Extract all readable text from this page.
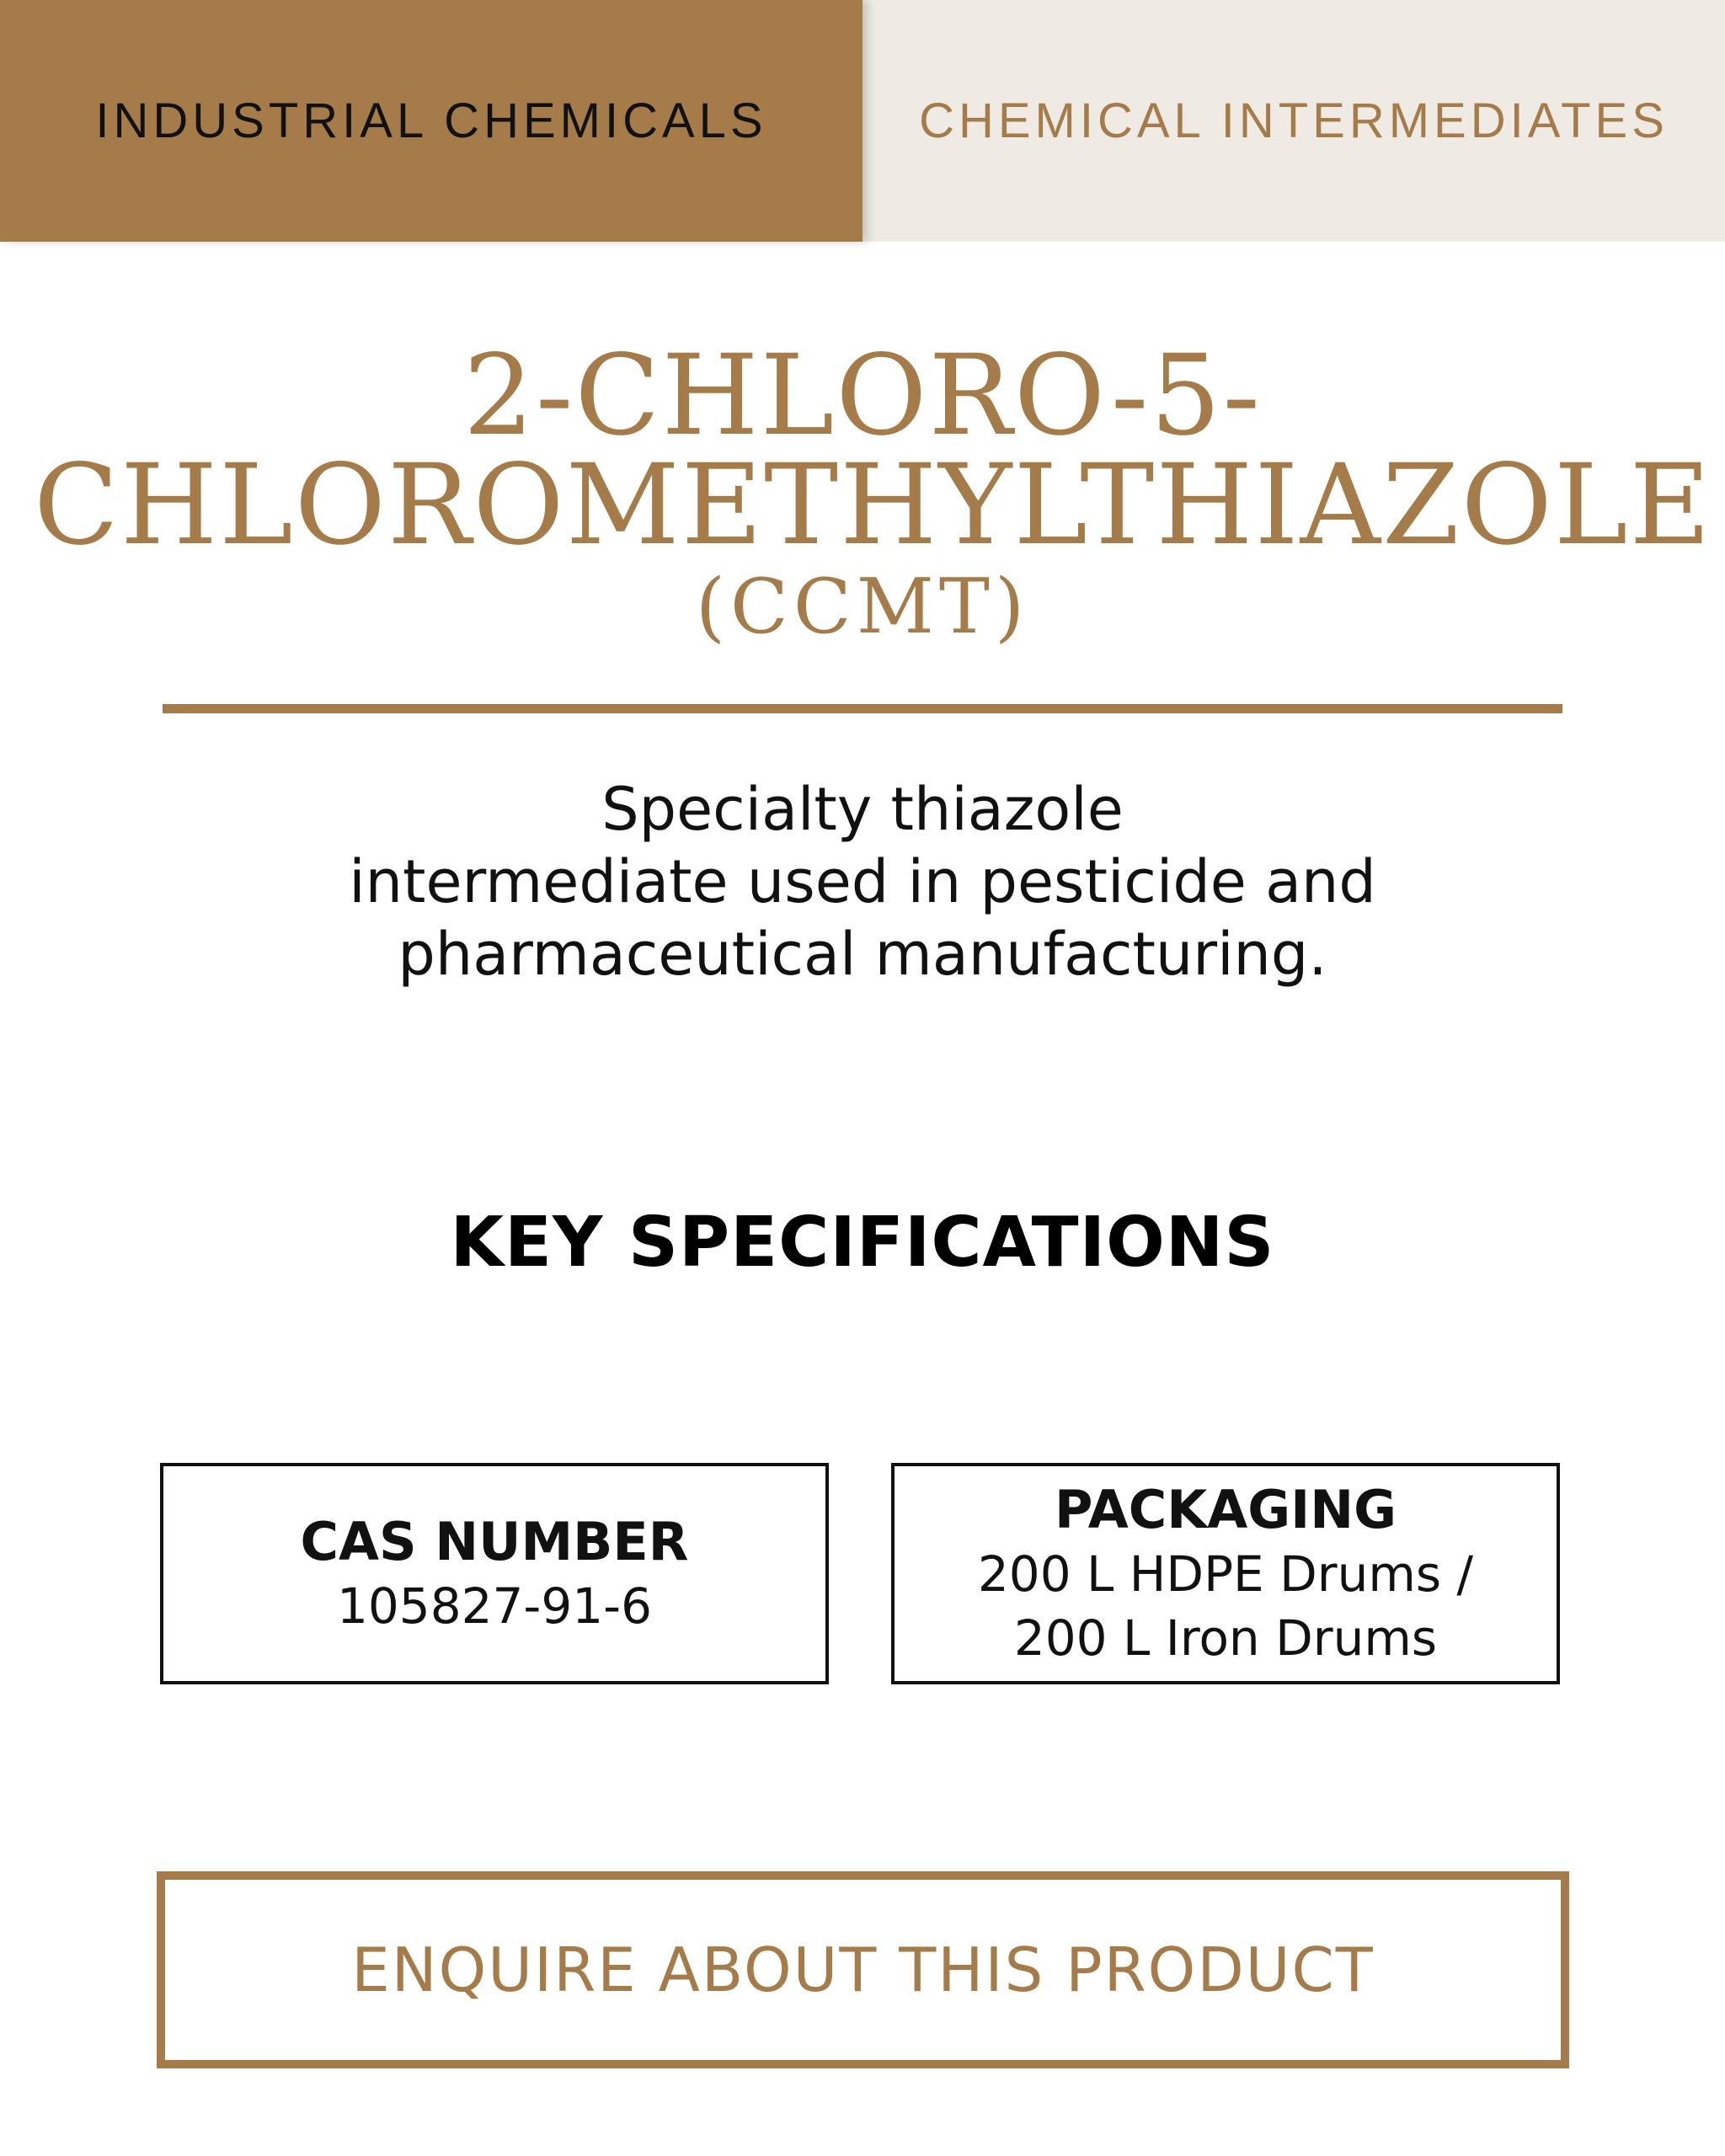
INDUSTRIAL CHEMICALS	CHEMICAL INTERMEDIATES
2-CHLORO-5-
CHLOROMETHYLTHIAZOLE
(CCMT)

Specialty thiazole
intermediate used in pesticide and
pharmaceutical manufacturing.

KEY SPECIFICATIONS
CAS NUMBER
105827-91-6
PACKAGING
200 L HDPE Drums /
200 L Iron Drums
ENQUIRE ABOUT THIS PRODUCT
